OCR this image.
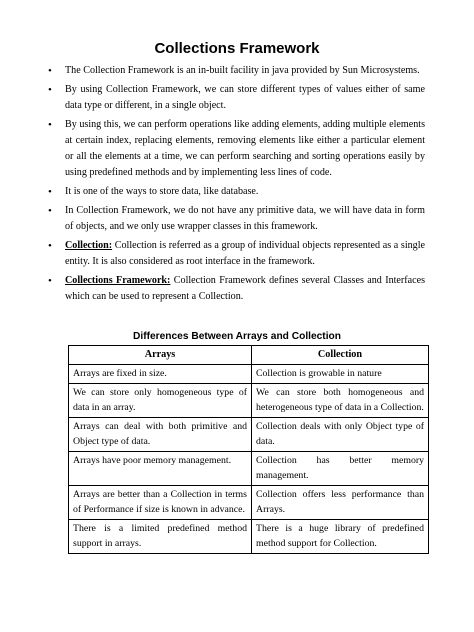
Collections Framework
• The Collection Framework is an in-built facility in java provided by Sun Microsystems.
• By using Collection Framework, we can store different types of values either of same data type or different, in a single object.
• By using this, we can perform operations like adding elements, adding multiple elements at certain index, replacing elements, removing elements like either a particular element or all the elements at a time, we can perform searching and sorting operations easily by using predefined methods and by implementing less lines of code.
• It is one of the ways to store data, like database.
• In Collection Framework, we do not have any primitive data, we will have data in form of objects, and we only use wrapper classes in this framework.
• Collection: Collection is referred as a group of individual objects represented as a single entity. It is also considered as root interface in the framework.
• Collections Framework: Collection Framework defines several Classes and Interfaces which can be used to represent a Collection.
Differences Between Arrays and Collection
Arrays	Collection
Arrays are fixed in size.	Collection is growable in nature
We can store only homogeneous type of data in an array.	We can store both homogeneous and heterogeneous type of data in a Collection.
Arrays can deal with both primitive and Object type of data.	Collection deals with only Object type of data.
Arrays have poor memory management.	Collection has better memory management.
Arrays are better than a Collection in terms of Performance if size is known in advance.	Collection offers less performance than Arrays.
There is a limited predefined method support in arrays.	There is a huge library of predefined method support for Collection.
